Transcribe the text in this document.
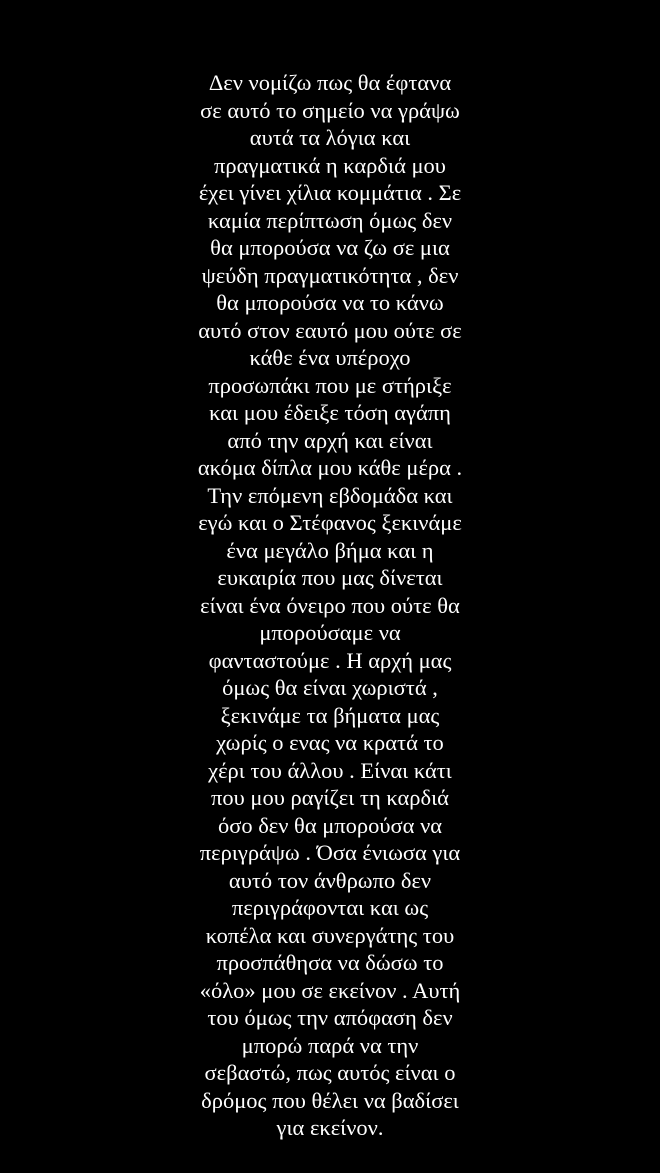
Δεν νομίζω πως θα έφτανα
σε αυτό το σημείο να γράψω
αυτά τα λόγια και
πραγματικά η καρδιά μου
έχει γίνει χίλια κομμάτια . Σε
καμία περίπτωση όμως δεν
θα μπορούσα να ζω σε μια
ψεύδη πραγματικότητα , δεν
θα μπορούσα να το κάνω
αυτό στον εαυτό μου ούτε σε
κάθε ένα υπέροχο
προσωπάκι που με στήριξε
και μου έδειξε τόση αγάπη
από την αρχή και είναι
ακόμα δίπλα μου κάθε μέρα .
Την επόμενη εβδομάδα και
εγώ και ο Στέφανος ξεκινάμε
ένα μεγάλο βήμα και η
ευκαιρία που μας δίνεται
είναι ένα όνειρο που ούτε θα
μπορούσαμε να
φανταστούμε . Η αρχή μας
όμως θα είναι χωριστά ,
ξεκινάμε τα βήματα μας
χωρίς ο ενας να κρατά το
χέρι του άλλου . Είναι κάτι
που μου ραγίζει τη καρδιά
όσο δεν θα μπορούσα να
περιγράψω . Όσα ένιωσα για
αυτό τον άνθρωπο δεν
περιγράφονται και ως
κοπέλα και συνεργάτης του
προσπάθησα να δώσω το
«όλο» μου σε εκείνον . Αυτή
του όμως την απόφαση δεν
μπορώ παρά να την
σεβαστώ, πως αυτός είναι ο
δρόμος που θέλει να βαδίσει
για εκείνον.
